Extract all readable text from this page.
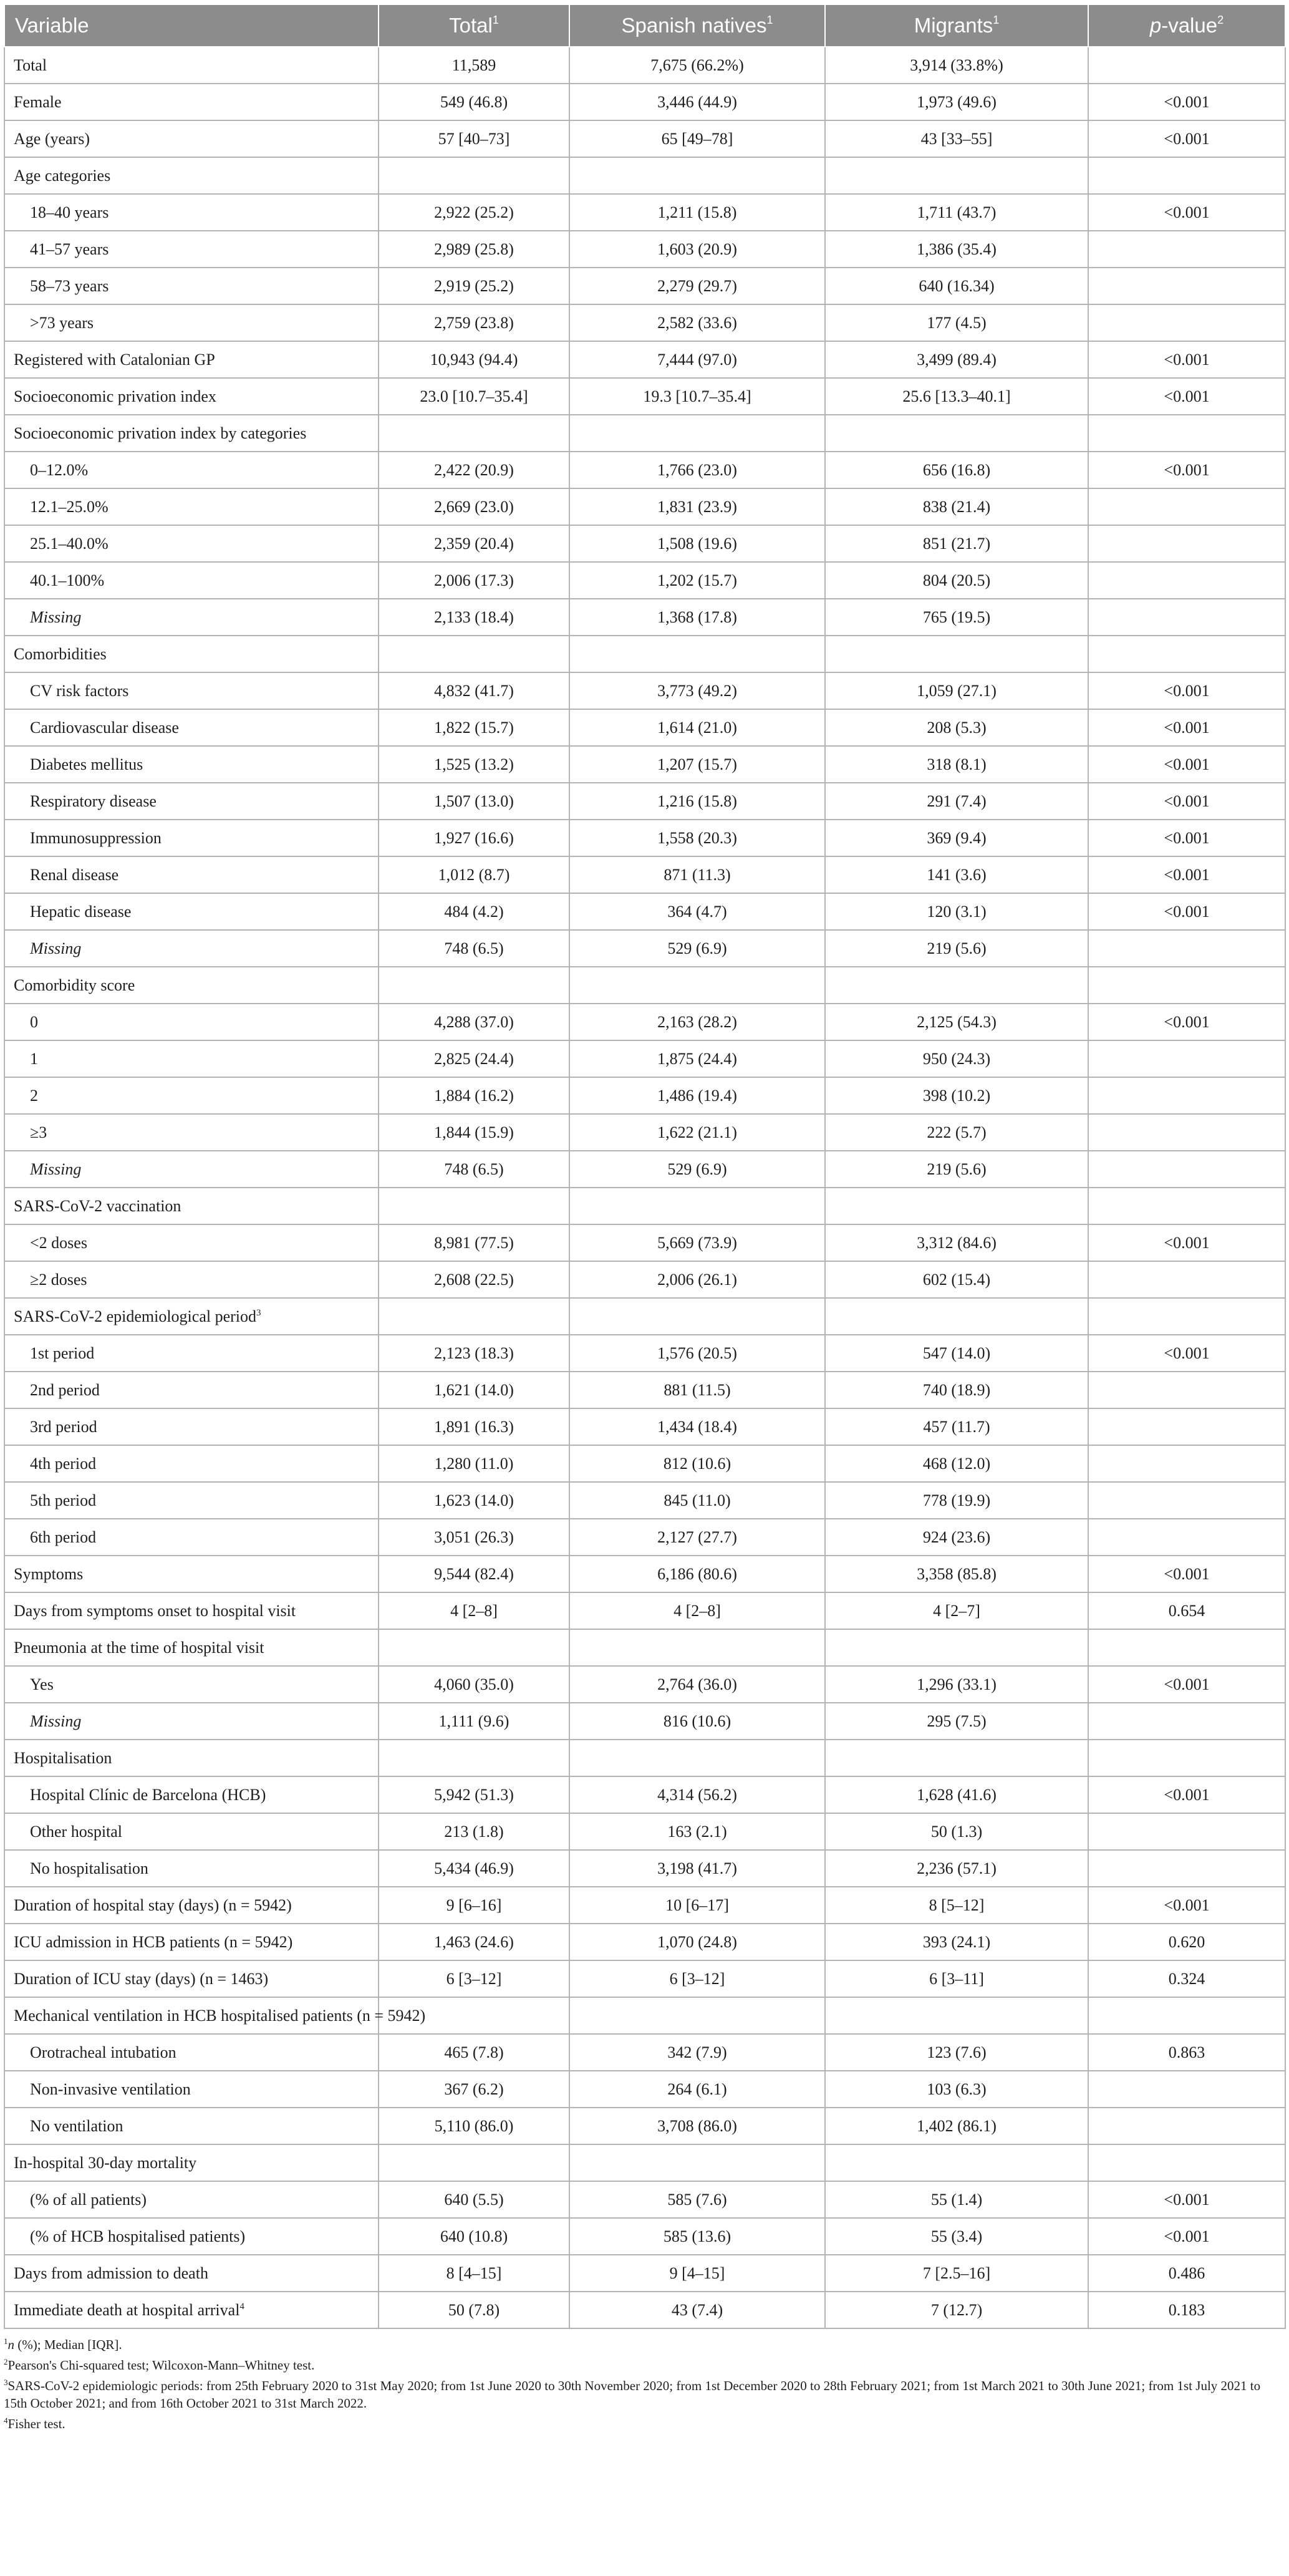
Variable	Total$^1$	Spanish natives$^1$	Migrants$^1$	p-value$^2$
Total	11,589	7,675 (66.2%)	3,914 (33.8%)	
Female	549 (46.8)	3,446 (44.9)	1,973 (49.6)	<0.001
Age (years)	57 [40–73]	65 [49–78]	43 [33–55]	<0.001
Age categories				
18–40 years	2,922 (25.2)	1,211 (15.8)	1,711 (43.7)	<0.001
41–57 years	2,989 (25.8)	1,603 (20.9)	1,386 (35.4)	
58–73 years	2,919 (25.2)	2,279 (29.7)	640 (16.34)	
>73 years	2,759 (23.8)	2,582 (33.6)	177 (4.5)	
Registered with Catalonian GP	10,943 (94.4)	7,444 (97.0)	3,499 (89.4)	<0.001
Socioeconomic privation index	23.0 [10.7–35.4]	19.3 [10.7–35.4]	25.6 [13.3–40.1]	<0.001
Socioeconomic privation index by categories				
0–12.0%	2,422 (20.9)	1,766 (23.0)	656 (16.8)	<0.001
12.1–25.0%	2,669 (23.0)	1,831 (23.9)	838 (21.4)	
25.1–40.0%	2,359 (20.4)	1,508 (19.6)	851 (21.7)	
40.1–100%	2,006 (17.3)	1,202 (15.7)	804 (20.5)	
Missing	2,133 (18.4)	1,368 (17.8)	765 (19.5)	
Comorbidities				
CV risk factors	4,832 (41.7)	3,773 (49.2)	1,059 (27.1)	<0.001
Cardiovascular disease	1,822 (15.7)	1,614 (21.0)	208 (5.3)	<0.001
Diabetes mellitus	1,525 (13.2)	1,207 (15.7)	318 (8.1)	<0.001
Respiratory disease	1,507 (13.0)	1,216 (15.8)	291 (7.4)	<0.001
Immunosuppression	1,927 (16.6)	1,558 (20.3)	369 (9.4)	<0.001
Renal disease	1,012 (8.7)	871 (11.3)	141 (3.6)	<0.001
Hepatic disease	484 (4.2)	364 (4.7)	120 (3.1)	<0.001
Missing	748 (6.5)	529 (6.9)	219 (5.6)	
Comorbidity score				
0	4,288 (37.0)	2,163 (28.2)	2,125 (54.3)	<0.001
1	2,825 (24.4)	1,875 (24.4)	950 (24.3)	
2	1,884 (16.2)	1,486 (19.4)	398 (10.2)	
≥3	1,844 (15.9)	1,622 (21.1)	222 (5.7)	
Missing	748 (6.5)	529 (6.9)	219 (5.6)	
SARS-CoV-2 vaccination				
<2 doses	8,981 (77.5)	5,669 (73.9)	3,312 (84.6)	<0.001
≥2 doses	2,608 (22.5)	2,006 (26.1)	602 (15.4)	
SARS-CoV-2 epidemiological period$^3$				
1st period	2,123 (18.3)	1,576 (20.5)	547 (14.0)	<0.001
2nd period	1,621 (14.0)	881 (11.5)	740 (18.9)	
3rd period	1,891 (16.3)	1,434 (18.4)	457 (11.7)	
4th period	1,280 (11.0)	812 (10.6)	468 (12.0)	
5th period	1,623 (14.0)	845 (11.0)	778 (19.9)	
6th period	3,051 (26.3)	2,127 (27.7)	924 (23.6)	
Symptoms	9,544 (82.4)	6,186 (80.6)	3,358 (85.8)	<0.001
Days from symptoms onset to hospital visit	4 [2–8]	4 [2–8]	4 [2–7]	0.654
Pneumonia at the time of hospital visit				
Yes	4,060 (35.0)	2,764 (36.0)	1,296 (33.1)	<0.001
Missing	1,111 (9.6)	816 (10.6)	295 (7.5)	
Hospitalisation				
Hospital Clínic de Barcelona (HCB)	5,942 (51.3)	4,314 (56.2)	1,628 (41.6)	<0.001
Other hospital	213 (1.8)	163 (2.1)	50 (1.3)	
No hospitalisation	5,434 (46.9)	3,198 (41.7)	2,236 (57.1)	
Duration of hospital stay (days) (n = 5942)	9 [6–16]	10 [6–17]	8 [5–12]	<0.001
ICU admission in HCB patients (n = 5942)	1,463 (24.6)	1,070 (24.8)	393 (24.1)	0.620
Duration of ICU stay (days) (n = 1463)	6 [3–12]	6 [3–12]	6 [3–11]	0.324
Mechanical ventilation in HCB hospitalised patients (n = 5942)				
Orotracheal intubation	465 (7.8)	342 (7.9)	123 (7.6)	0.863
Non-invasive ventilation	367 (6.2)	264 (6.1)	103 (6.3)	
No ventilation	5,110 (86.0)	3,708 (86.0)	1,402 (86.1)	
In-hospital 30-day mortality				
(% of all patients)	640 (5.5)	585 (7.6)	55 (1.4)	<0.001
(% of HCB hospitalised patients)	640 (10.8)	585 (13.6)	55 (3.4)	<0.001
Days from admission to death	8 [4–15]	9 [4–15]	7 [2.5–16]	0.486
Immediate death at hospital arrival$^4$	50 (7.8)	43 (7.4)	7 (12.7)	0.183

$^1$n (%); Median [IQR].

$^2$Pearson's Chi-squared test; Wilcoxon-Mann–Whitney test.

$^3$SARS-CoV-2 epidemiologic periods: from 25th February 2020 to 31st May 2020; from 1st June 2020 to 30th November 2020; from 1st December 2020 to 28th February 2021; from 1st March 2021 to 30th June 2021; from 1st July 2021 to 15th October 2021; and from 16th October 2021 to 31st March 2022.

$^4$Fisher test.
